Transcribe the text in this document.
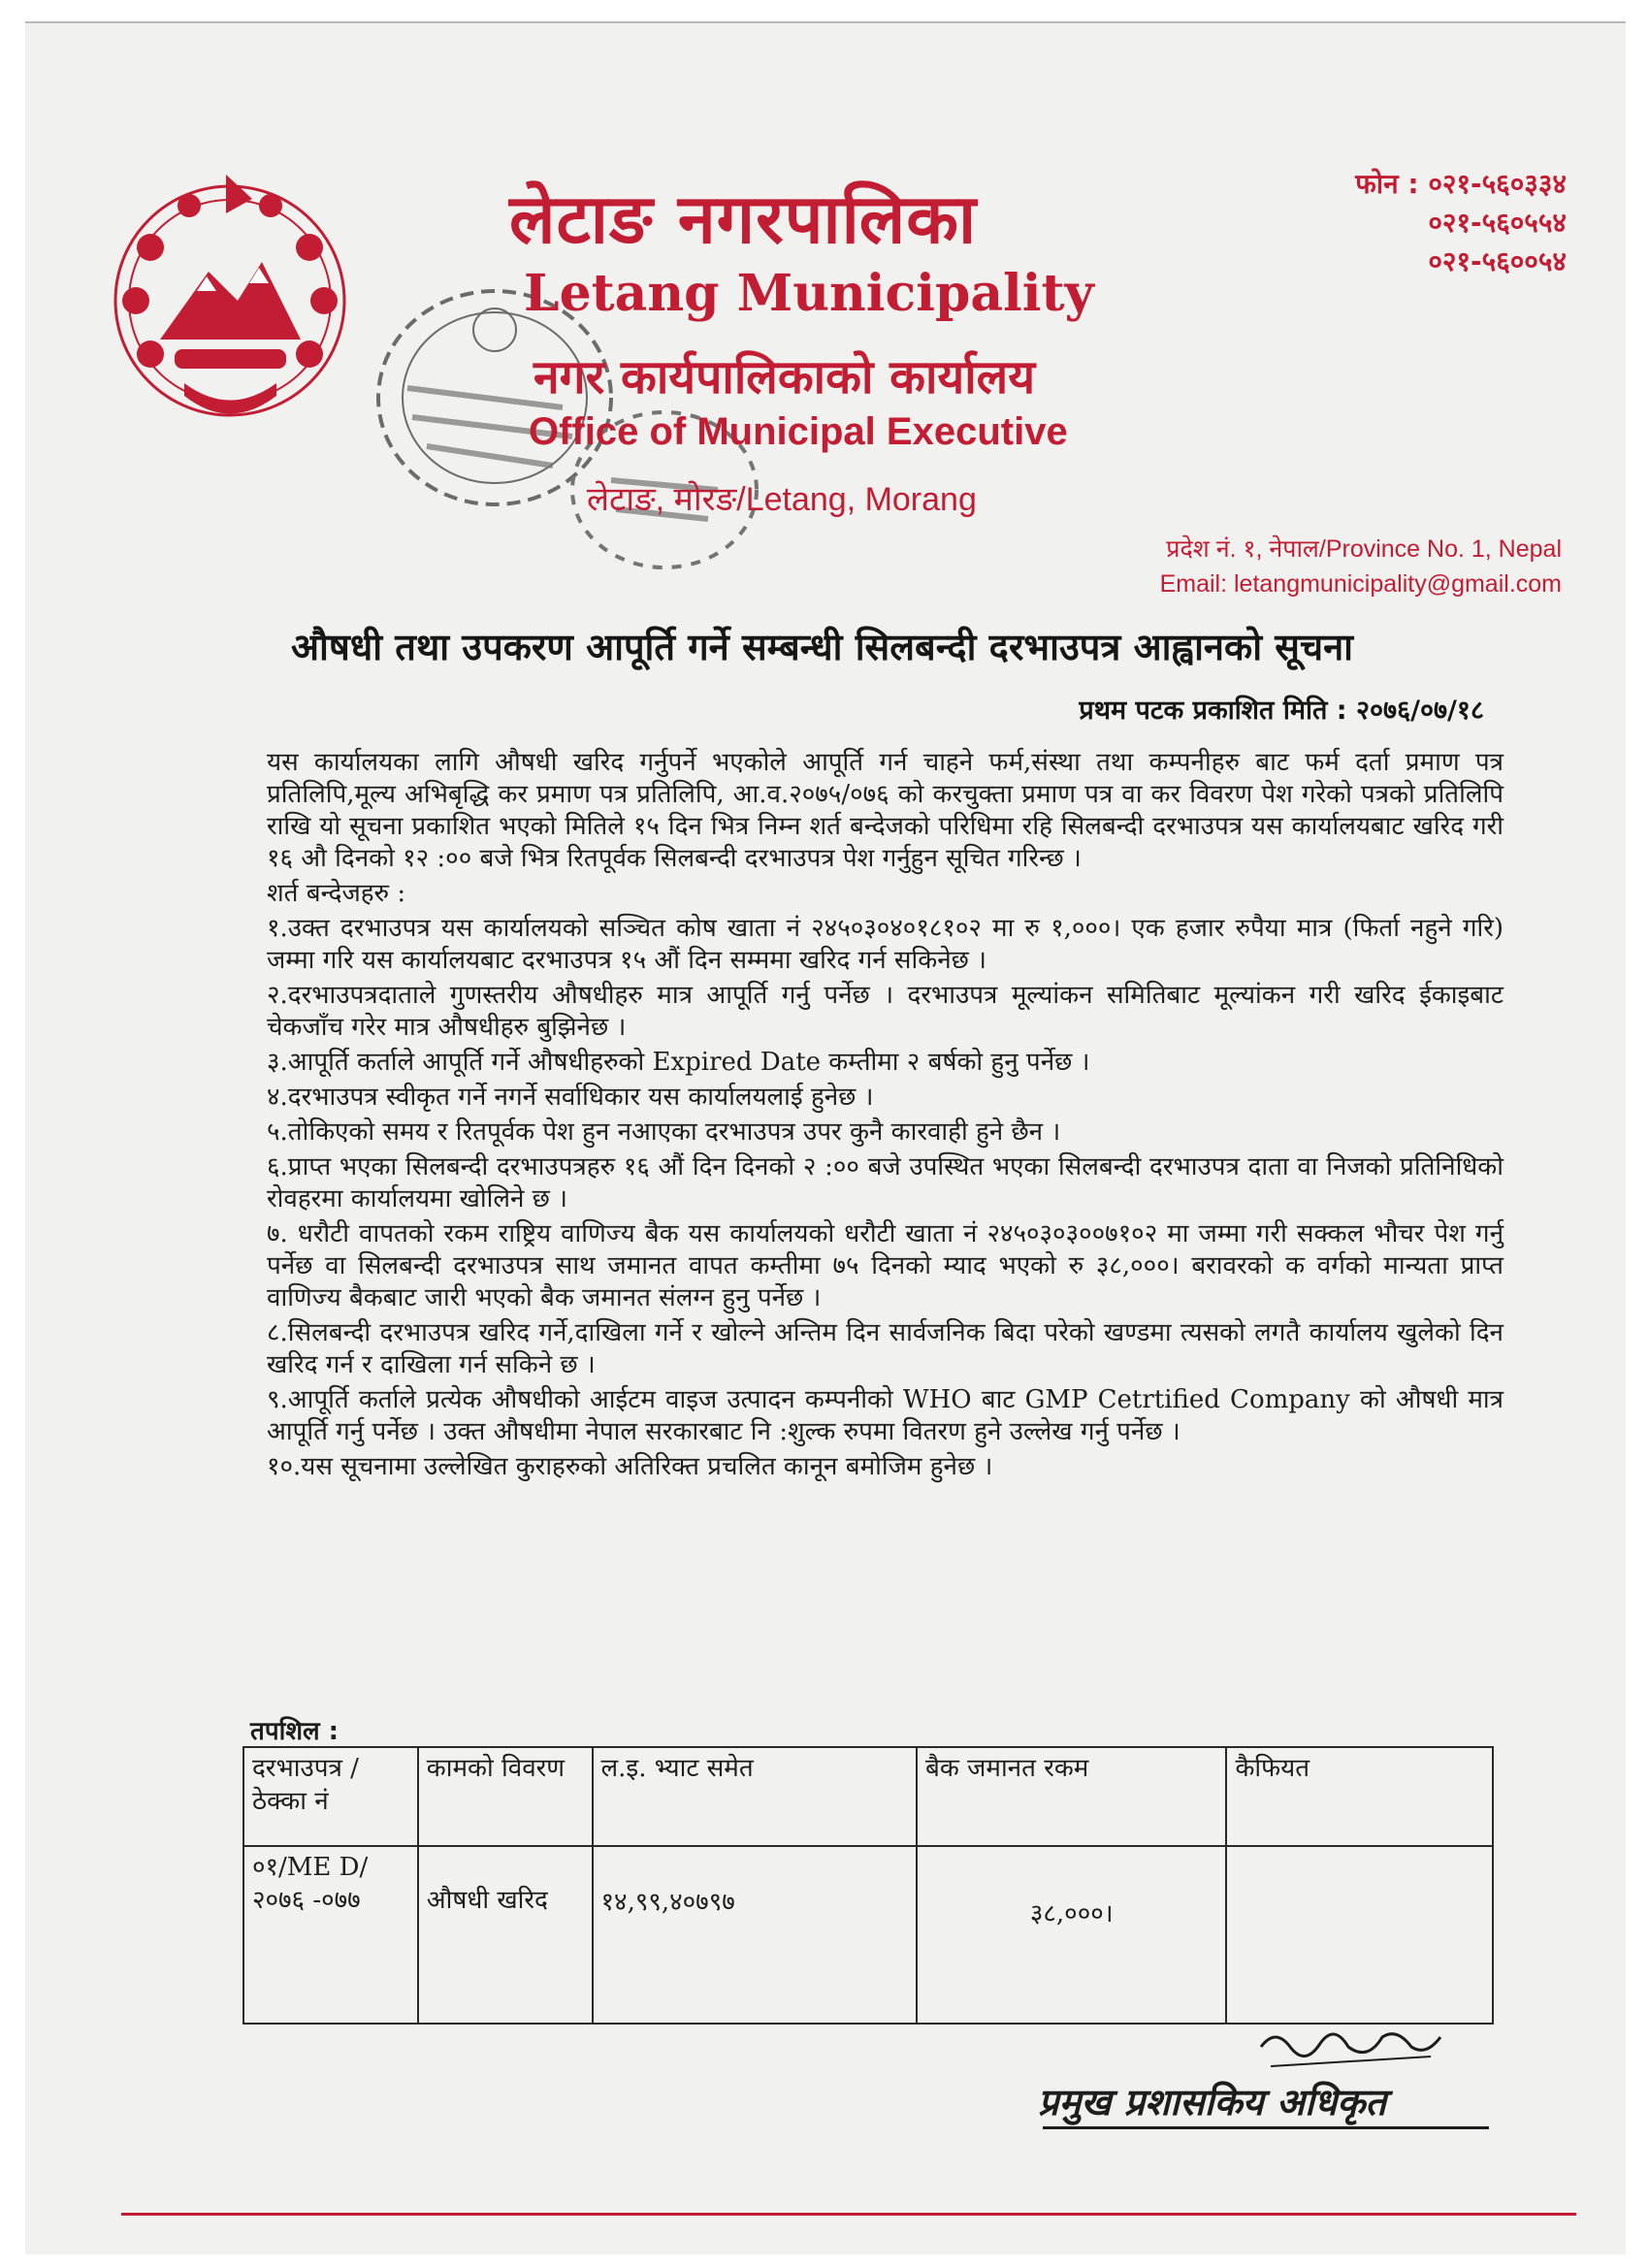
लेटाङ नगरपालिका
Letang Municipality
नगर कार्यपालिकाको कार्यालय
Office of Municipal Executive
लेटाङ, मोरङ/Letang, Morang
फोन : ०२१-५६०३३४
०२१-५६०५५४
०२१-५६००५४
प्रदेश नं. १, नेपाल/Province No. 1, Nepal
Email: letangmunicipality@gmail.com
औषधी तथा उपकरण आपूर्ति गर्ने सम्बन्धी सिलबन्दी दरभाउपत्र आह्वानको सूचना
प्रथम पटक प्रकाशित मिति : २०७६/०७/१८

यस कार्यालयका लागि औषधी खरिद गर्नुपर्ने भएकोले आपूर्ति गर्न चाहने फर्म,संस्था तथा कम्पनीहरु बाट फर्म दर्ता प्रमाण पत्र प्रतिलिपि,मूल्य अभिबृद्धि कर प्रमाण पत्र प्रतिलिपि, आ.व.२०७५/०७६ को करचुक्ता प्रमाण पत्र वा कर विवरण पेश गरेको पत्रको प्रतिलिपि राखि यो सूचना प्रकाशित भएको मितिले १५ दिन भित्र निम्न शर्त बन्देजको परिधिमा रहि सिलबन्दी दरभाउपत्र यस कार्यालयबाट खरिद गरी १६ औ दिनको १२ :०० बजे भित्र रितपूर्वक सिलबन्दी दरभाउपत्र पेश गर्नुहुन सूचित गरिन्छ ।

शर्त बन्देजहरु :

१.उक्त दरभाउपत्र यस कार्यालयको सञ्चित कोष खाता नं २४५०३०४०१८१०२ मा रु १,०००। एक हजार रुपैया मात्र (फिर्ता नहुने गरि) जम्मा गरि यस कार्यालयबाट दरभाउपत्र १५ औं दिन सम्ममा खरिद गर्न सकिनेछ ।

२.दरभाउपत्रदाताले गुणस्तरीय औषधीहरु मात्र आपूर्ति गर्नु पर्नेछ । दरभाउपत्र मूल्यांकन समितिबाट मूल्यांकन गरी खरिद ईकाइबाट चेकजाँच गरेर मात्र औषधीहरु बुझिनेछ ।

३.आपूर्ति कर्ताले आपूर्ति गर्ने औषधीहरुको Expired Date कम्तीमा २ बर्षको हुनु पर्नेछ ।

४.दरभाउपत्र स्वीकृत गर्ने नगर्ने सर्वाधिकार यस कार्यालयलाई हुनेछ ।

५.तोकिएको समय र रितपूर्वक पेश हुन नआएका दरभाउपत्र उपर कुनै कारवाही हुने छैन ।

६.प्राप्त भएका सिलबन्दी दरभाउपत्रहरु १६ औं दिन दिनको २ :०० बजे उपस्थित भएका सिलबन्दी दरभाउपत्र दाता वा निजको प्रतिनिधिको रोवहरमा कार्यालयमा खोलिने छ ।

७. धरौटी वापतको रकम राष्ट्रिय वाणिज्य बैक यस कार्यालयको धरौटी खाता नं २४५०३०३००७१०२ मा जम्मा गरी सक्कल भौचर पेश गर्नु पर्नेछ वा सिलबन्दी दरभाउपत्र साथ जमानत वापत कम्तीमा ७५ दिनको म्याद भएको रु ३८,०००। बरावरको क वर्गको मान्यता प्राप्त वाणिज्य बैकबाट जारी भएको बैक जमानत संलग्न हुनु पर्नेछ ।

८.सिलबन्दी दरभाउपत्र खरिद गर्ने,दाखिला गर्ने र खोल्ने अन्तिम दिन सार्वजनिक बिदा परेको खण्डमा त्यसको लगतै कार्यालय खुलेको दिन खरिद गर्न र दाखिला गर्न सकिने छ ।

९.आपूर्ति कर्ताले प्रत्येक औषधीको आईटम वाइज उत्पादन कम्पनीको WHO बाट GMP Cetrtified Company को औषधी मात्र आपूर्ति गर्नु पर्नेछ । उक्त औषधीमा नेपाल सरकारबाट नि :शुल्क रुपमा वितरण हुने उल्लेख गर्नु पर्नेछ ।

१०.यस सूचनामा उल्लेखित कुराहरुको अतिरिक्त प्रचलित कानून बमोजिम हुनेछ ।

तपशिल :
दरभाउपत्र /ठेक्का नं	कामको विवरण	ल.इ. भ्याट समेत	बैक जमानत रकम	कैफियत
०१/ME D/२०७६ -०७७	औषधी खरिद	१४,९९,४०७९७	३८,०००।	
प्रमुख प्रशासकिय अधिकृत
